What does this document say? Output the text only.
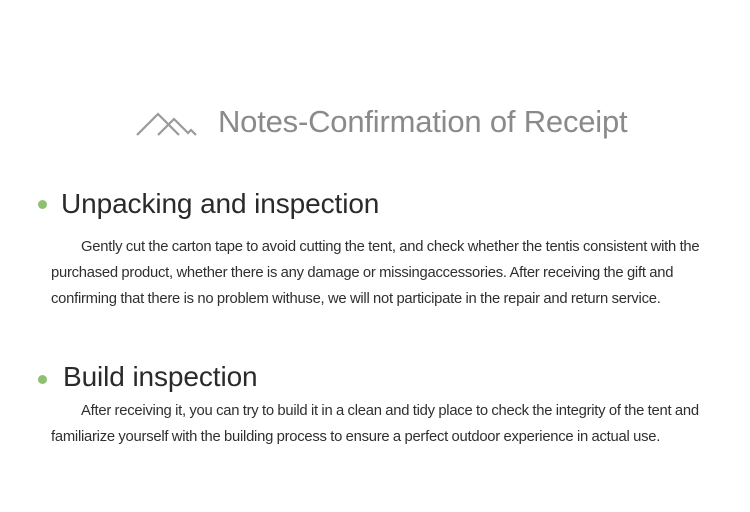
Notes-Confirmation of Receipt
Unpacking and inspection

Gently cut the carton tape to avoid cutting the tent, and check whether the tentis consistent with the purchased product, whether there is any damage or missingaccessories. After receiving the gift and confirming that there is no problem withuse, we will not participate in the repair and return service.

Build inspection

After receiving it, you can try to build it in a clean and tidy place to check the integrity of the tent and familiarize yourself with the building process to ensure a perfect outdoor experience in actual use.
